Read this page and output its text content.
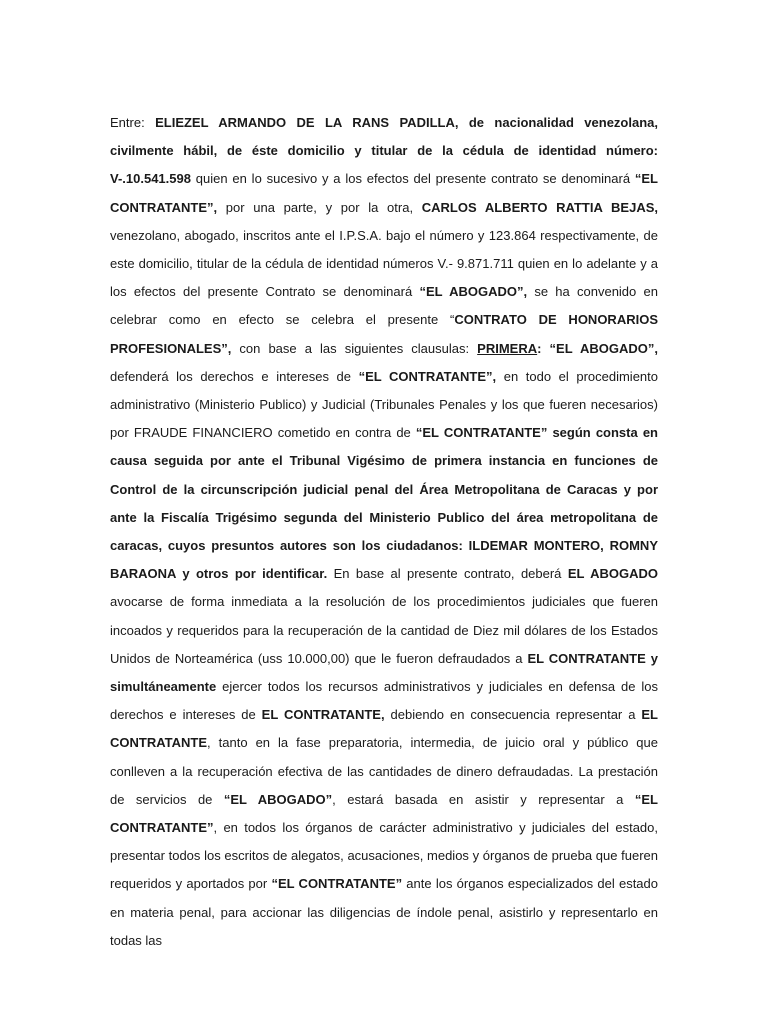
Entre: ELIEZEL ARMANDO DE LA RANS PADILLA, de nacionalidad venezolana, civilmente hábil, de éste domicilio y titular de la cédula de identidad número: V-.10.541.598 quien en lo sucesivo y a los efectos del presente contrato se denominará “EL CONTRATANTE”, por una parte, y por la otra, CARLOS ALBERTO RATTIA BEJAS, venezolano, abogado, inscritos ante el I.P.S.A. bajo el número y 123.864 respectivamente, de este domicilio, titular de la cédula de identidad números V.- 9.871.711 quien en lo adelante y a los efectos del presente Contrato se denominará “EL ABOGADO”, se ha convenido en celebrar como en efecto se celebra el presente “CONTRATO DE HONORARIOS PROFESIONALES”, con base a las siguientes clausulas: PRIMERA: “EL ABOGADO”, defenderá los derechos e intereses de “EL CONTRATANTE”, en todo el procedimiento administrativo (Ministerio Publico) y Judicial (Tribunales Penales y los que fueren necesarios) por FRAUDE FINANCIERO cometido en contra de “EL CONTRATANTE” según consta en causa seguida por ante el Tribunal Vigésimo de primera instancia en funciones de Control de la circunscripción judicial penal del Área Metropolitana de Caracas y por ante la Fiscalía Trigésimo segunda del Ministerio Publico del área metropolitana de caracas, cuyos presuntos autores son los ciudadanos: ILDEMAR MONTERO, ROMNY BARAONA y otros por identificar. En base al presente contrato, deberá EL ABOGADO avocarse de forma inmediata a la resolución de los procedimientos judiciales que fueren incoados y requeridos para la recuperación de la cantidad de Diez mil dólares de los Estados Unidos de Norteamérica (uss 10.000,00) que le fueron defraudados a EL CONTRATANTE y simultáneamente ejercer todos los recursos administrativos y judiciales en defensa de los derechos e intereses de EL CONTRATANTE, debiendo en consecuencia representar a EL CONTRATANTE, tanto en la fase preparatoria, intermedia, de juicio oral y público que conlleven a la recuperación efectiva de las cantidades de dinero defraudadas. La prestación de servicios de “EL ABOGADO”, estará basada en asistir y representar a “EL CONTRATANTE”, en todos los órganos de carácter administrativo y judiciales del estado, presentar todos los escritos de alegatos, acusaciones, medios y órganos de prueba que fueren requeridos y aportados por “EL CONTRATANTE” ante los órganos especializados del estado en materia penal, para accionar las diligencias de índole penal, asistirlo y representarlo en todas las
